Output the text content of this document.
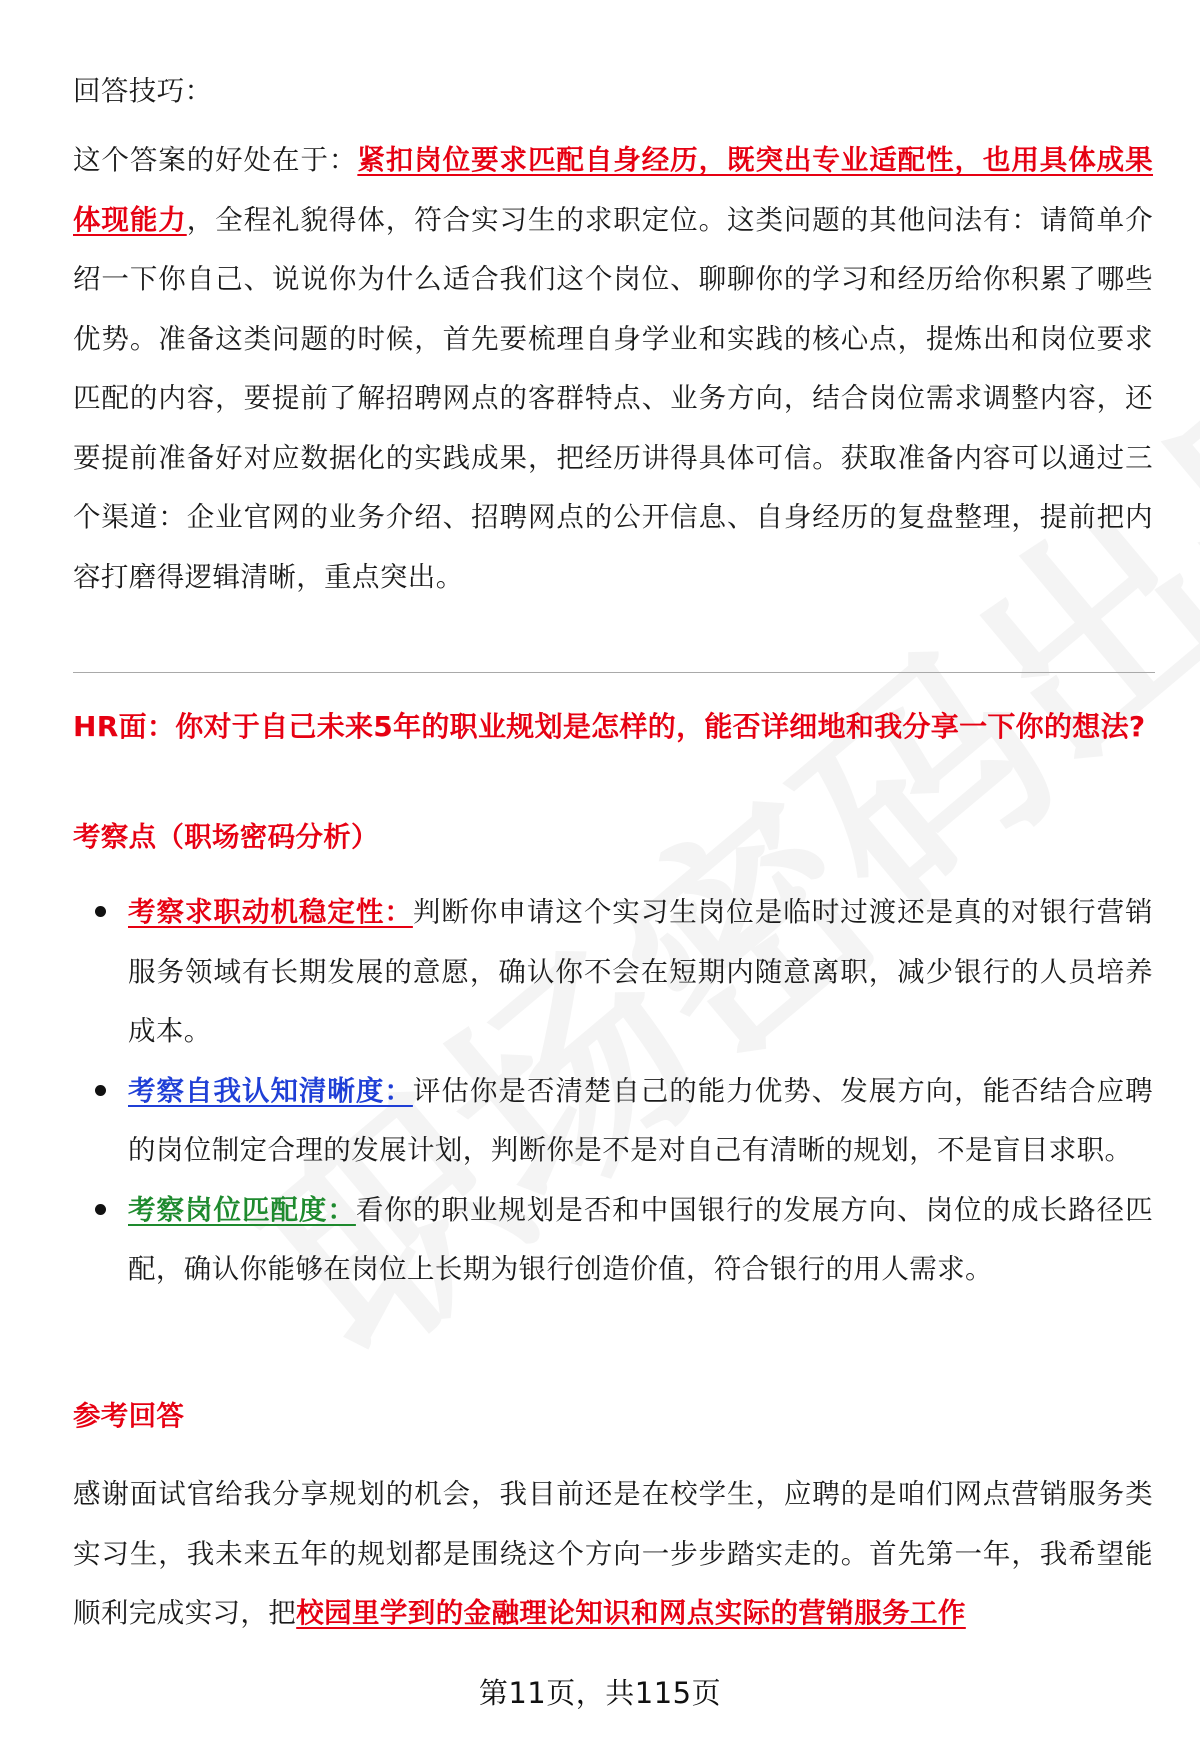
回答技巧：

这个答案的好处在于：紧扣岗位要求匹配自身经历，既突出专业适配性，也用具体成果体现能力，全程礼貌得体，符合实习生的求职定位。这类问题的其他问法有：请简单介绍一下你自己、说说你为什么适合我们这个岗位、聊聊你的学习和经历给你积累了哪些优势。准备这类问题的时候，首先要梳理自身学业和实践的核心点，提炼出和岗位要求匹配的内容，要提前了解招聘网点的客群特点、业务方向，结合岗位需求调整内容，还要提前准备好对应数据化的实践成果，把经历讲得具体可信。获取准备内容可以通过三个渠道：企业官网的业务介绍、招聘网点的公开信息、自身经历的复盘整理，提前把内容打磨得逻辑清晰，重点突出。

HR面：你对于自己未来5年的职业规划是怎样的，能否详细地和我分享一下你的想法?

考察点（职场密码分析）

考察求职动机稳定性：判断你申请这个实习生岗位是临时过渡还是真的对银行营销服务领域有长期发展的意愿，确认你不会在短期内随意离职，减少银行的人员培养成本。
考察自我认知清晰度：评估你是否清楚自己的能力优势、发展方向，能否结合应聘的岗位制定合理的发展计划，判断你是不是对自己有清晰的规划，不是盲目求职。
考察岗位匹配度：看你的职业规划是否和中国银行的发展方向、岗位的成长路径匹配，确认你能够在岗位上长期为银行创造价值，符合银行的用人需求。

参考回答

感谢面试官给我分享规划的机会，我目前还是在校学生，应聘的是咱们网点营销服务类实习生，我未来五年的规划都是围绕这个方向一步步踏实走的。首先第一年，我希望能顺利完成实习，把校园里学到的金融理论知识和网点实际的营销服务工作

第11页，共115页
